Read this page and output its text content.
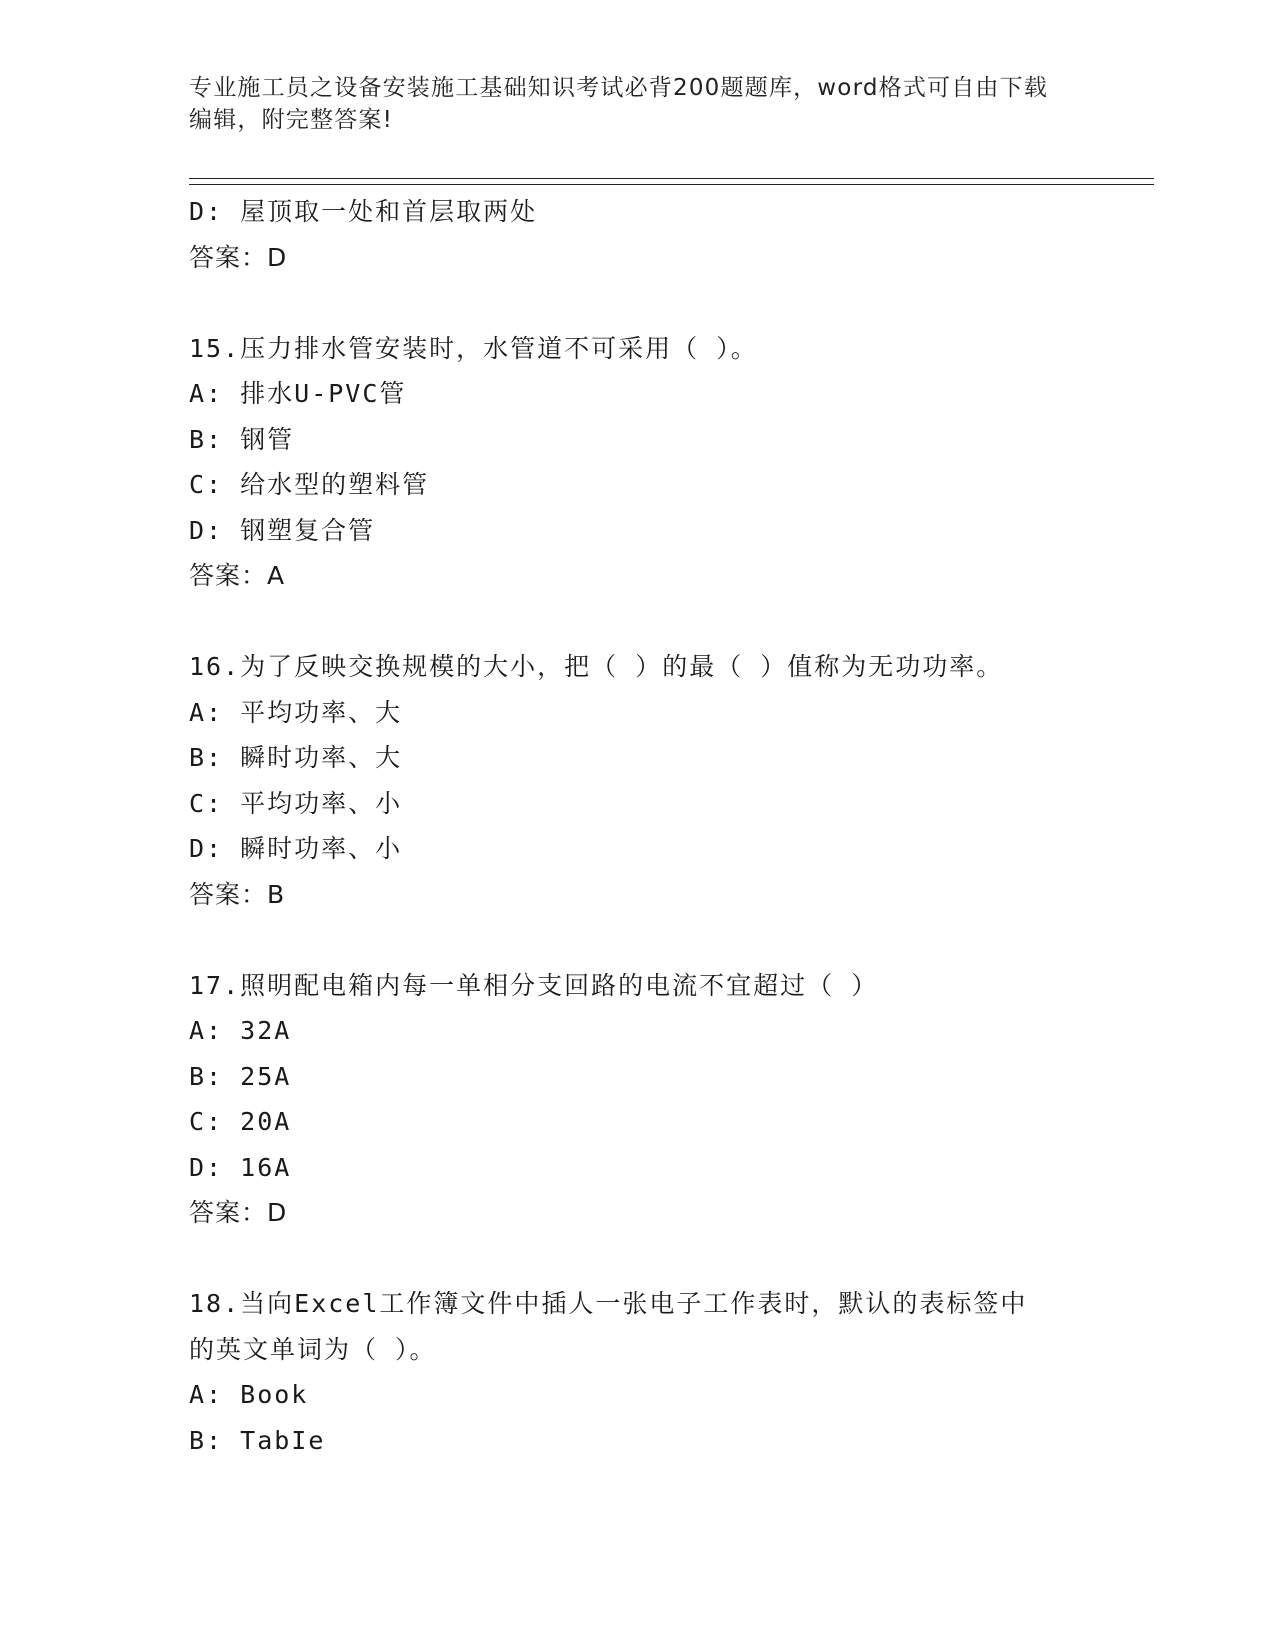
专业施工员之设备安装施工基础知识考试必背200题题库，word格式可自由下载
编辑，附完整答案!
D: 屋顶取一处和首层取两处
答案：D
15.压力排水管安装时，水管道不可采用（ ）。
A: 排水U-PVC管
B: 钢管
C: 给水型的塑料管
D: 钢塑复合管
答案：A
16.为了反映交换规模的大小，把（ ）的最（ ）值称为无功功率。
A: 平均功率、大
B: 瞬时功率、大
C: 平均功率、小
D: 瞬时功率、小
答案：B
17.照明配电箱内每一单相分支回路的电流不宜超过（ ）
A: 32A
B: 25A
C: 20A
D: 16A
答案：D
18.当向Excel工作簿文件中插人一张电子工作表时，默认的表标签中
的英文单词为（ ）。
A: Book
B: TabIe
